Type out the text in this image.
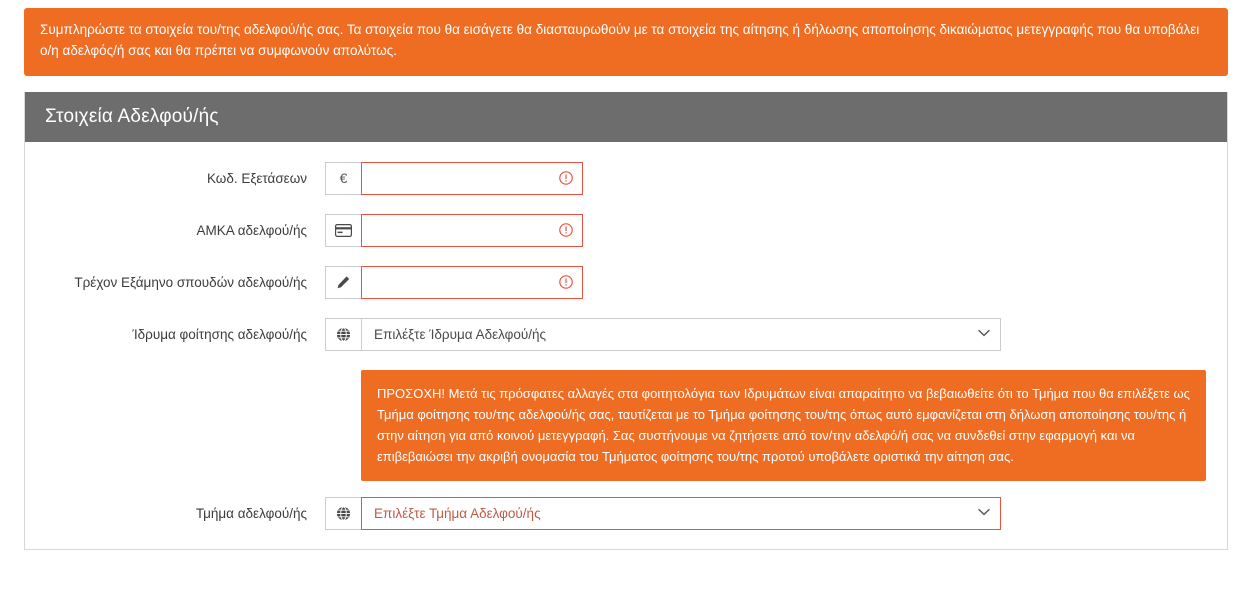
Συμπληρώστε τα στοιχεία του/της αδελφού/ής σας. Τα στοιχεία που θα εισάγετε θα διασταυρωθούν με τα στοιχεία της αίτησης ή δήλωσης αποποίησης δικαιώματος μετεγγραφής που θα υποβάλει ο/η αδελφός/ή σας και θα πρέπει να συμφωνούν απολύτως.
Στοιχεία Αδελφού/ής
Κωδ. Εξετάσεων	€
ΑΜΚΑ αδελφού/ής
Τρέχον Εξάμηνο σπουδών αδελφού/ής
Ίδρυμα φοίτησης αδελφού/ής	Επιλέξτε Ίδρυμα Αδελφού/ής
ΠΡΟΣΟΧΗ! Μετά τις πρόσφατες αλλαγές στα φοιτητολόγια των Ιδρυμάτων είναι απαραίτητο να βεβαιωθείτε ότι το Τμήμα που θα επιλέξετε ως Τμήμα φοίτησης του/της αδελφού/ής σας, ταυτίζεται με το Τμήμα φοίτησης του/της όπως αυτό εμφανίζεται στη δήλωση αποποίησης του/της ή στην αίτηση για από κοινού μετεγγραφή. Σας συστήνουμε να ζητήσετε από τον/την αδελφό/ή σας να συνδεθεί στην εφαρμογή και να επιβεβαιώσει την ακριβή ονομασία του Τμήματος φοίτησης του/της προτού υποβάλετε οριστικά την αίτηση σας.
Τμήμα αδελφού/ής	Επιλέξτε Τμήμα Αδελφού/ής
